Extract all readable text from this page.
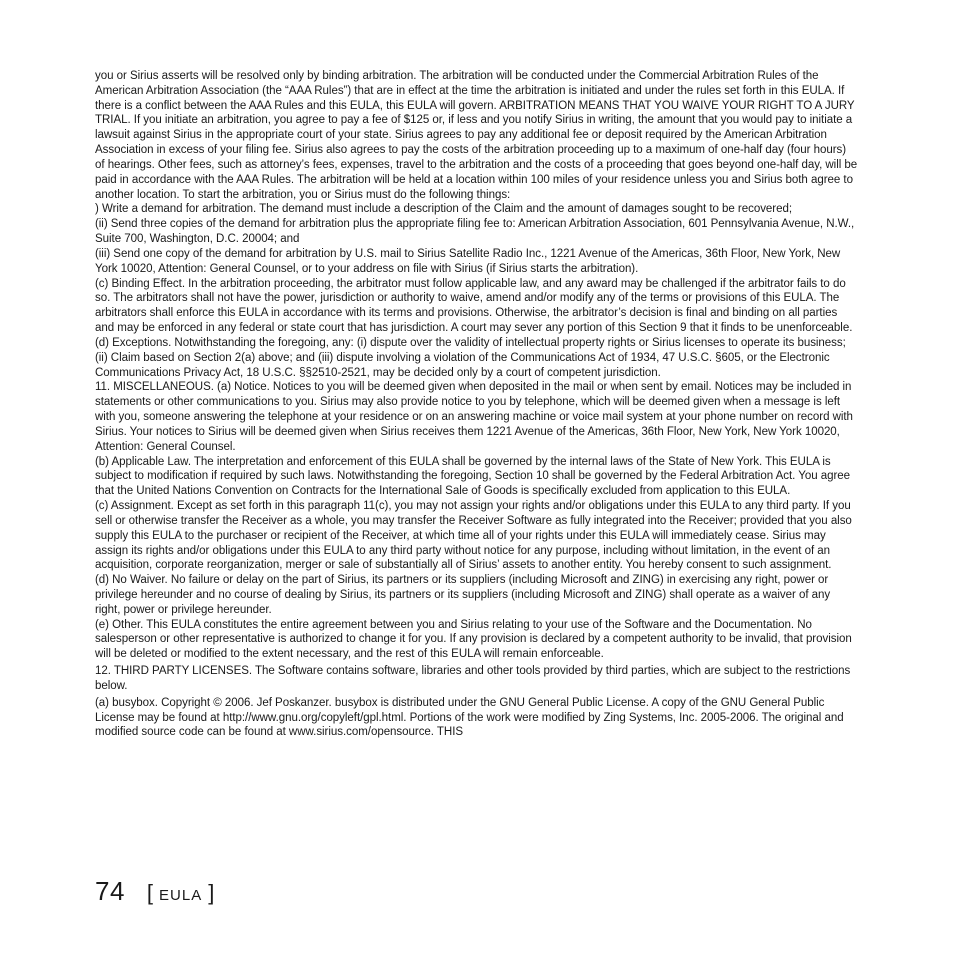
you or Sirius asserts will be resolved only by binding arbitration. The arbitration will be conducted under the Commercial Arbitration Rules of the American Arbitration Association (the “AAA Rules”) that are in effect at the time the arbitration is initiated and under the rules set forth in this EULA. If there is a conflict between the AAA Rules and this EULA, this EULA will govern. ARBITRATION MEANS THAT YOU WAIVE YOUR RIGHT TO A JURY TRIAL. If you initiate an arbitration, you agree to pay a fee of $125 or, if less and you notify Sirius in writing, the amount that you would pay to initiate a lawsuit against Sirius in the appropriate court of your state. Sirius agrees to pay any additional fee or deposit required by the American Arbitration Association in excess of your filing fee. Sirius also agrees to pay the costs of the arbitration proceeding up to a maximum of one-half day (four hours) of hearings. Other fees, such as attorney’s fees, expenses, travel to the arbitration and the costs of a proceeding that goes beyond one-half day, will be paid in accordance with the AAA Rules. The arbitration will be held at a location within 100 miles of your residence unless you and Sirius both agree to another location. To start the arbitration, you or Sirius must do the following things:

) Write a demand for arbitration. The demand must include a description of the Claim and the amount of damages sought to be recovered;

(ii) Send three copies of the demand for arbitration plus the appropriate filing fee to: American Arbitration Association, 601 Pennsylvania Avenue, N.W., Suite 700, Washington, D.C. 20004; and

(iii) Send one copy of the demand for arbitration by U.S. mail to Sirius Satellite Radio Inc., 1221 Avenue of the Americas, 36th Floor, New York, New York 10020, Attention: General Counsel, or to your address on file with Sirius (if Sirius starts the arbitration).

(c) Binding Effect. In the arbitration proceeding, the arbitrator must follow applicable law, and any award may be challenged if the arbitrator fails to do so. The arbitrators shall not have the power, jurisdiction or authority to waive, amend and/or modify any of the terms or provisions of this EULA. The arbitrators shall enforce this EULA in accordance with its terms and provisions. Otherwise, the arbitrator’s decision is final and binding on all parties and may be enforced in any federal or state court that has jurisdiction. A court may sever any portion of this Section 9 that it finds to be unenforceable.

(d) Exceptions. Notwithstanding the foregoing, any: (i) dispute over the validity of intellectual property rights or Sirius licenses to operate its business; (ii) Claim based on Section 2(a) above; and (iii) dispute involving a violation of the Communications Act of 1934, 47 U.S.C. §605, or the Electronic Communications Privacy Act, 18 U.S.C. §§2510-2521, may be decided only by a court of competent jurisdiction.

11. MISCELLANEOUS. (a) Notice. Notices to you will be deemed given when deposited in the mail or when sent by email. Notices may be included in statements or other communications to you. Sirius may also provide notice to you by telephone, which will be deemed given when a message is left with you, someone answering the telephone at your residence or on an answering machine or voice mail system at your phone number on record with Sirius. Your notices to Sirius will be deemed given when Sirius receives them 1221 Avenue of the Americas, 36th Floor, New York, New York 10020, Attention: General Counsel.

(b) Applicable Law. The interpretation and enforcement of this EULA shall be governed by the internal laws of the State of New York. This EULA is subject to modification if required by such laws. Notwithstanding the foregoing, Section 10 shall be governed by the Federal Arbitration Act. You agree that the United Nations Convention on Contracts for the International Sale of Goods is specifically excluded from application to this EULA.

(c) Assignment. Except as set forth in this paragraph 11(c), you may not assign your rights and/or obligations under this EULA to any third party. If you sell or otherwise transfer the Receiver as a whole, you may transfer the Receiver Software as fully integrated into the Receiver; provided that you also supply this EULA to the purchaser or recipient of the Receiver, at which time all of your rights under this EULA will immediately cease. Sirius may assign its rights and/or obligations under this EULA to any third party without notice for any purpose, including without limitation, in the event of an acquisition, corporate reorganization, merger or sale of substantially all of Sirius’ assets to another entity. You hereby consent to such assignment.

(d) No Waiver. No failure or delay on the part of Sirius, its partners or its suppliers (including Microsoft and ZING) in exercising any right, power or privilege hereunder and no course of dealing by Sirius, its partners or its suppliers (including Microsoft and ZING) shall operate as a waiver of any right, power or privilege hereunder.

(e) Other. This EULA constitutes the entire agreement between you and Sirius relating to your use of the Software and the Documentation. No salesperson or other representative is authorized to change it for you. If any provision is declared by a competent authority to be invalid, that provision will be deleted or modified to the extent necessary, and the rest of this EULA will remain enforceable.

12. THIRD PARTY LICENSES. The Software contains software, libraries and other tools provided by third parties, which are subject to the restrictions below.

(a) busybox. Copyright © 2006. Jef Poskanzer. busybox is distributed under the GNU General Public License. A copy of the GNU General Public License may be found at http://www.gnu.org/copyleft/gpl.html. Portions of the work were modified by Zing Systems, Inc. 2005-2006. The original and modified source code can be found at www.sirius.com/opensource. THIS

74 [ EULA ]
